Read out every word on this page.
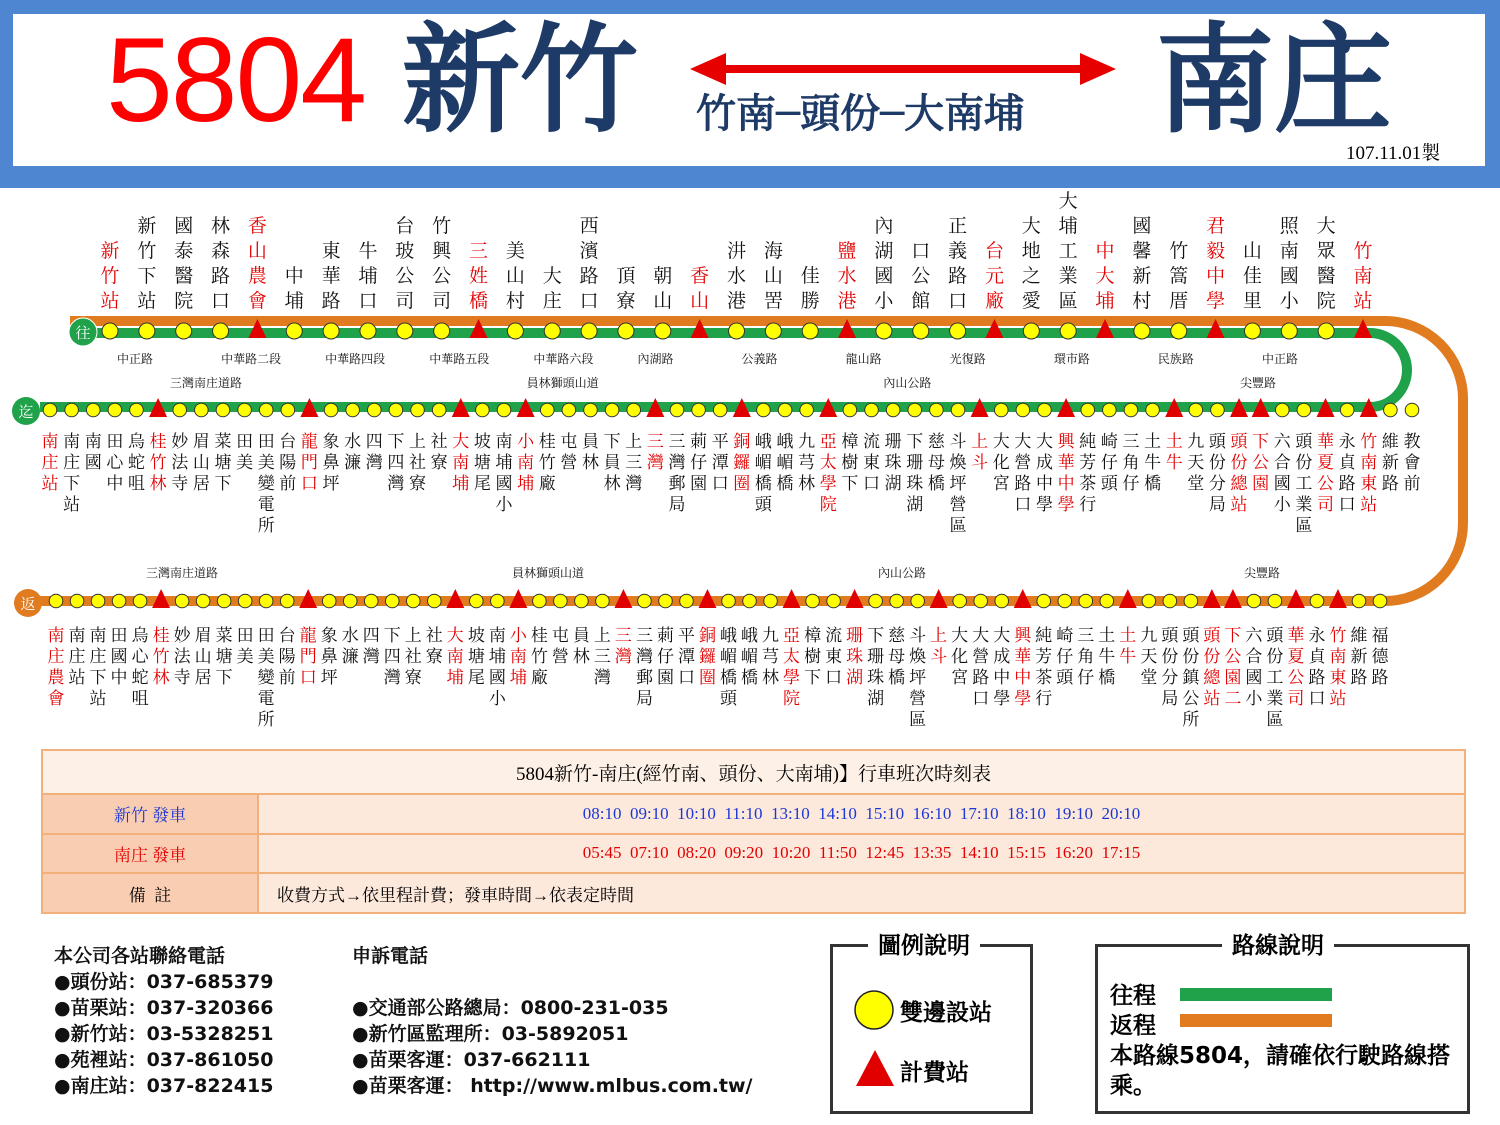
5804 新竹 竹南─頭份─大南埔 南庄
107.11.01製
往
迄
返
新竹站
新竹下站
國泰醫院
林森路口
香山農會
中埔
東華路
牛埔口
台玻公司
竹興公司
三姓橋
美山村
大庄
西濱路口
頂寮
朝山
香山
汫水港
海山罟
佳勝
鹽水港
內湖國小
口公館
正義路口
台元廠
大地之愛
大埔工業區
中大埔
國馨新村
竹篙厝
君毅中學
山佳里
照南國小
大眾醫院
竹南站
中正路	中華路二段	中華路四段	中華路五段	中華路六段	內湖路	公義路	龍山路	光復路	環市路	民族路	中正路
南庄站
南庄下站
南國
田心中
烏蛇咀
桂竹林
妙法寺
眉山居
菜塘下
田美
田美變電所
台陽前
龍門口
象鼻坪
水濂
四灣
下四灣
上社寮
社寮
大南埔
坡塘尾
南埔國小
小南埔
桂竹廠
屯營
員林
下員林
上三灣
三灣
三灣郵局
莿仔園
平潭口
銅鑼圈
峨嵋橋頭
峨嵋橋
九芎林
亞太學院
樟樹下
流東口
珊珠湖
下珊珠湖
慈母橋
斗煥坪營區
上斗
大化宮
大營路口
大成中學
興華中學
純芳茶行
崎仔頭
三角仔
土牛橋
土牛
九天堂
頭份分局
頭份總站
下公園
六合國小
頭份工業區
華夏公司
永貞路口
竹南東站
維新路
教會前
三灣南庄道路	員林獅頭山道	內山公路	尖豐路
南庄農會
南庄站
南庄下站
田國中
烏心蛇咀
桂竹林
妙法寺
眉山居
菜塘下
田美
田美變電所
台陽前
龍門口
象鼻坪
水濂
四灣
下四灣
上社寮
社寮
大南埔
坡塘尾
南埔國小
小南埔
桂竹廠
屯營
員林
上三灣
三灣
三灣郵局
莿仔園
平潭口
銅鑼圈
峨嵋橋頭
峨嵋橋
九芎林
亞太學院
樟樹下
流東口
珊珠湖
下珊珠湖
慈母橋
斗煥坪營區
上斗
大化宮
大營路口
大成中學
興華中學
純芳茶行
崎仔頭
三角仔
土牛橋
土牛
九天堂
頭份分局
頭份鎮公所
頭份總站
下公園二
六合國小
頭份工業區
華夏公司
永貞路口
竹南東站
維新路
福德路
三灣南庄道路	員林獅頭山道	內山公路	尖豐路
5804新竹-南庄(經竹南、頭份、大南埔)】行車班次時刻表	
新竹 發車	08:10  09:10  10:10  11:10  13:10  14:10  15:10  16:10  17:10  18:10  19:10  20:10
南庄 發車	05:45  07:10  08:20  09:20  10:20  11:50  12:45  13:35  14:10  15:15  16:20  17:15
備  註	收費方式→依里程計費；發車時間→依表定時間
本公司各站聯絡電話
●頭份站：037-685379
●苗栗站：037-320366
●新竹站：03-5328251
●苑裡站：037-861050
●南庄站：037-822415
申訴電話
●交通部公路總局：0800-231-035
●新竹區監理所：03-5892051
●苗栗客運：037-662111
●苗栗客運： http://www.mlbus.com.tw/
圖例說明
雙邊設站
計費站
路線說明
往程
返程
本路線5804，請確依行駛路線搭乘。
